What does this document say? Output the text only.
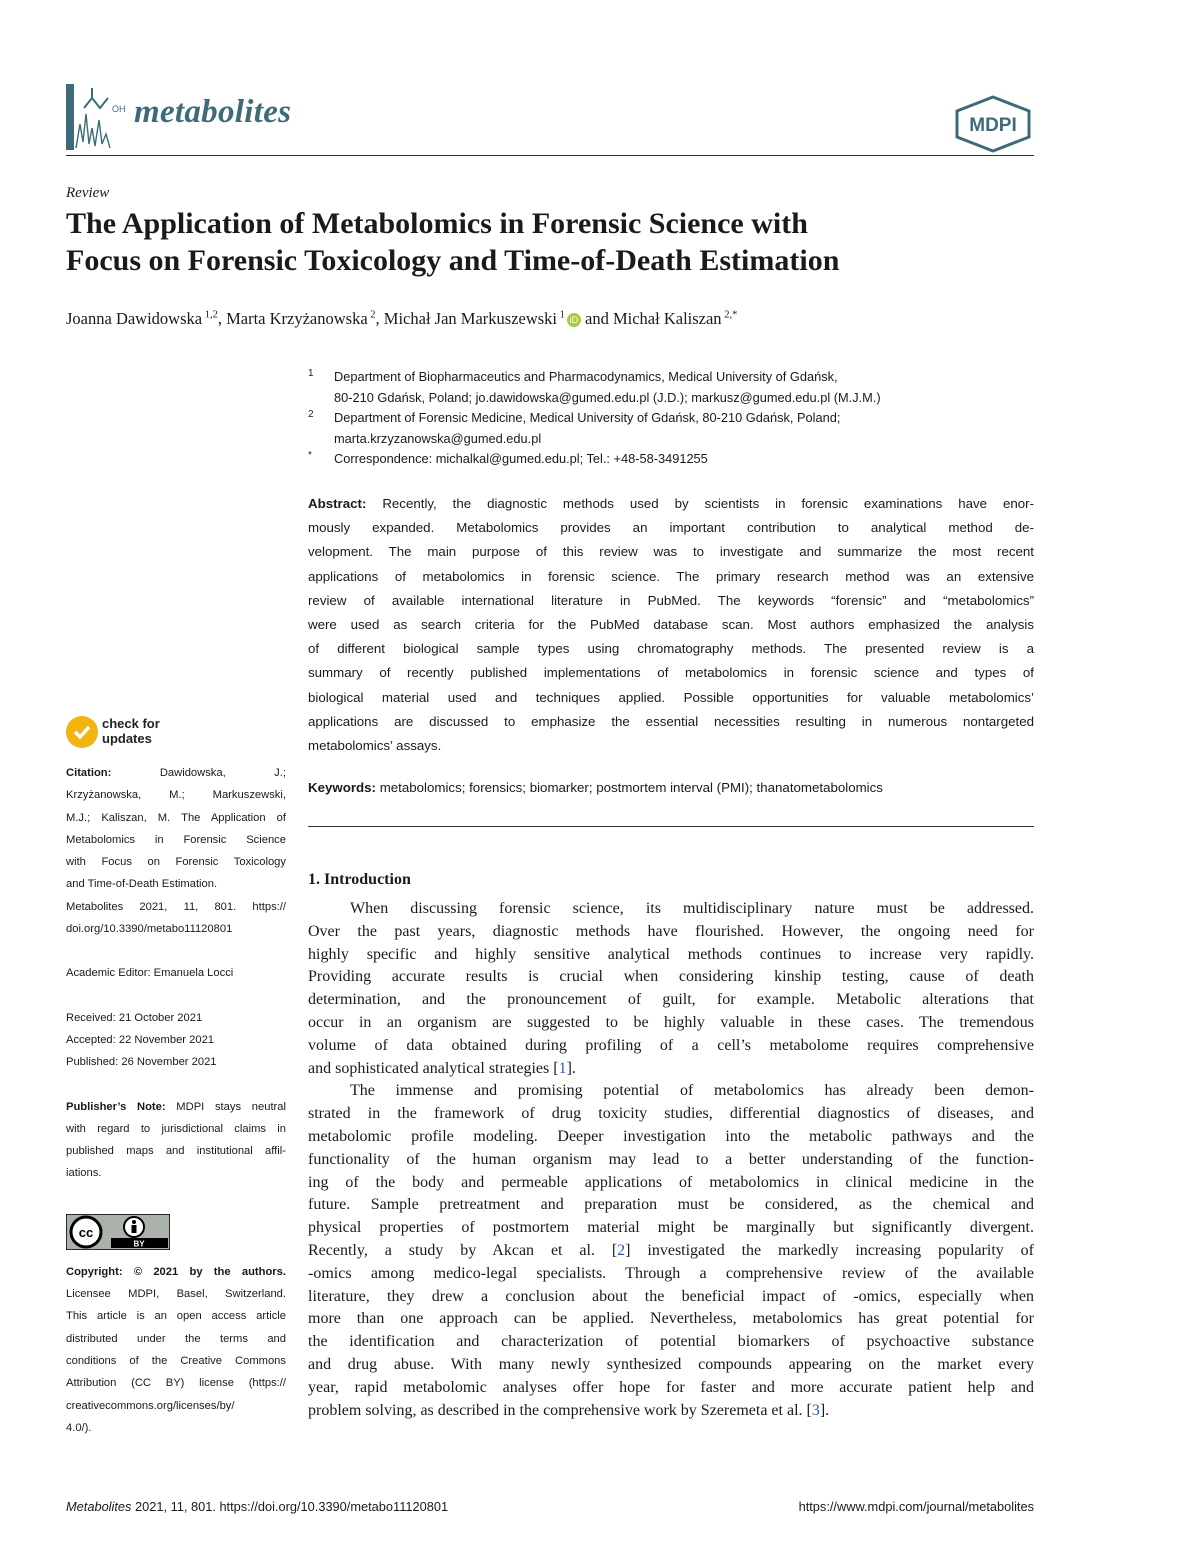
OH metabolites	MDPI
Review
The Application of Metabolomics in Forensic Science with
Focus on Forensic Toxicology and Time-of-Death Estimation
Joanna Dawidowska $^{1,2}$, Marta Krzyżanowska $^2$, Michał Jan Markuszewski $^1$ iD and Michał Kaliszan $^{2,*}$
1 Department of Biopharmaceutics and Pharmacodynamics, Medical University of Gdańsk,
80-210 Gdańsk, Poland; jo.dawidowska@gumed.edu.pl (J.D.); markusz@gumed.edu.pl (M.J.M.)
2 Department of Forensic Medicine, Medical University of Gdańsk, 80-210 Gdańsk, Poland;
marta.krzyzanowska@gumed.edu.pl
* Correspondence: michalkal@gumed.edu.pl; Tel.: +48-58-3491255
Abstract: Recently, the diagnostic methods used by scientists in forensic examinations have enor-
mously expanded. Metabolomics provides an important contribution to analytical method de-
velopment. The main purpose of this review was to investigate and summarize the most recent
applications of metabolomics in forensic science. The primary research method was an extensive
review of available international literature in PubMed. The keywords “forensic” and “metabolomics”
were used as search criteria for the PubMed database scan. Most authors emphasized the analysis
of different biological sample types using chromatography methods. The presented review is a
summary of recently published implementations of metabolomics in forensic science and types of
biological material used and techniques applied. Possible opportunities for valuable metabolomics’
applications are discussed to emphasize the essential necessities resulting in numerous nontargeted
metabolomics’ assays.
Keywords: metabolomics; forensics; biomarker; postmortem interval (PMI); thanatometabolomics
1. Introduction
When discussing forensic science, its multidisciplinary nature must be addressed.
Over the past years, diagnostic methods have flourished. However, the ongoing need for
highly specific and highly sensitive analytical methods continues to increase very rapidly.
Providing accurate results is crucial when considering kinship testing, cause of death
determination, and the pronouncement of guilt, for example. Metabolic alterations that
occur in an organism are suggested to be highly valuable in these cases. The tremendous
volume of data obtained during profiling of a cell’s metabolome requires comprehensive
and sophisticated analytical strategies [1].
The immense and promising potential of metabolomics has already been demon-
strated in the framework of drug toxicity studies, differential diagnostics of diseases, and
metabolomic profile modeling. Deeper investigation into the metabolic pathways and the
functionality of the human organism may lead to a better understanding of the function-
ing of the body and permeable applications of metabolomics in clinical medicine in the
future. Sample pretreatment and preparation must be considered, as the chemical and
physical properties of postmortem material might be marginally but significantly divergent.
Recently, a study by Akcan et al. [2] investigated the markedly increasing popularity of
-omics among medico-legal specialists. Through a comprehensive review of the available
literature, they drew a conclusion about the beneficial impact of -omics, especially when
more than one approach can be applied. Nevertheless, metabolomics has great potential for
the identification and characterization of potential biomarkers of psychoactive substance
and drug abuse. With many newly synthesized compounds appearing on the market every
year, rapid metabolomic analyses offer hope for faster and more accurate patient help and
problem solving, as described in the comprehensive work by Szeremeta et al. [3].
check for
updates
Citation:	Dawidowska, J.;
Krzyżanowska, M.; Markuszewski,
M.J.; Kaliszan, M. The Application of
Metabolomics in Forensic Science
with Focus on Forensic Toxicology
and Time-of-Death Estimation.
Metabolites 2021, 11, 801. https://
doi.org/10.3390/metabo11120801
Academic Editor: Emanuela Locci
Received: 21 October 2021
Accepted: 22 November 2021
Published: 26 November 2021
Publisher’s Note: MDPI stays neutral
with regard to jurisdictional claims in
published maps and institutional affil-
iations.
Copyright: © 2021 by the authors.
Licensee MDPI, Basel, Switzerland.
This article is an open access article
distributed under the terms and
conditions of the Creative Commons
Attribution (CC BY) license (https://
creativecommons.org/licenses/by/
4.0/).
cc
BY
Metabolites 2021, 11, 801. https://doi.org/10.3390/metabo11120801	https://www.mdpi.com/journal/metabolites
